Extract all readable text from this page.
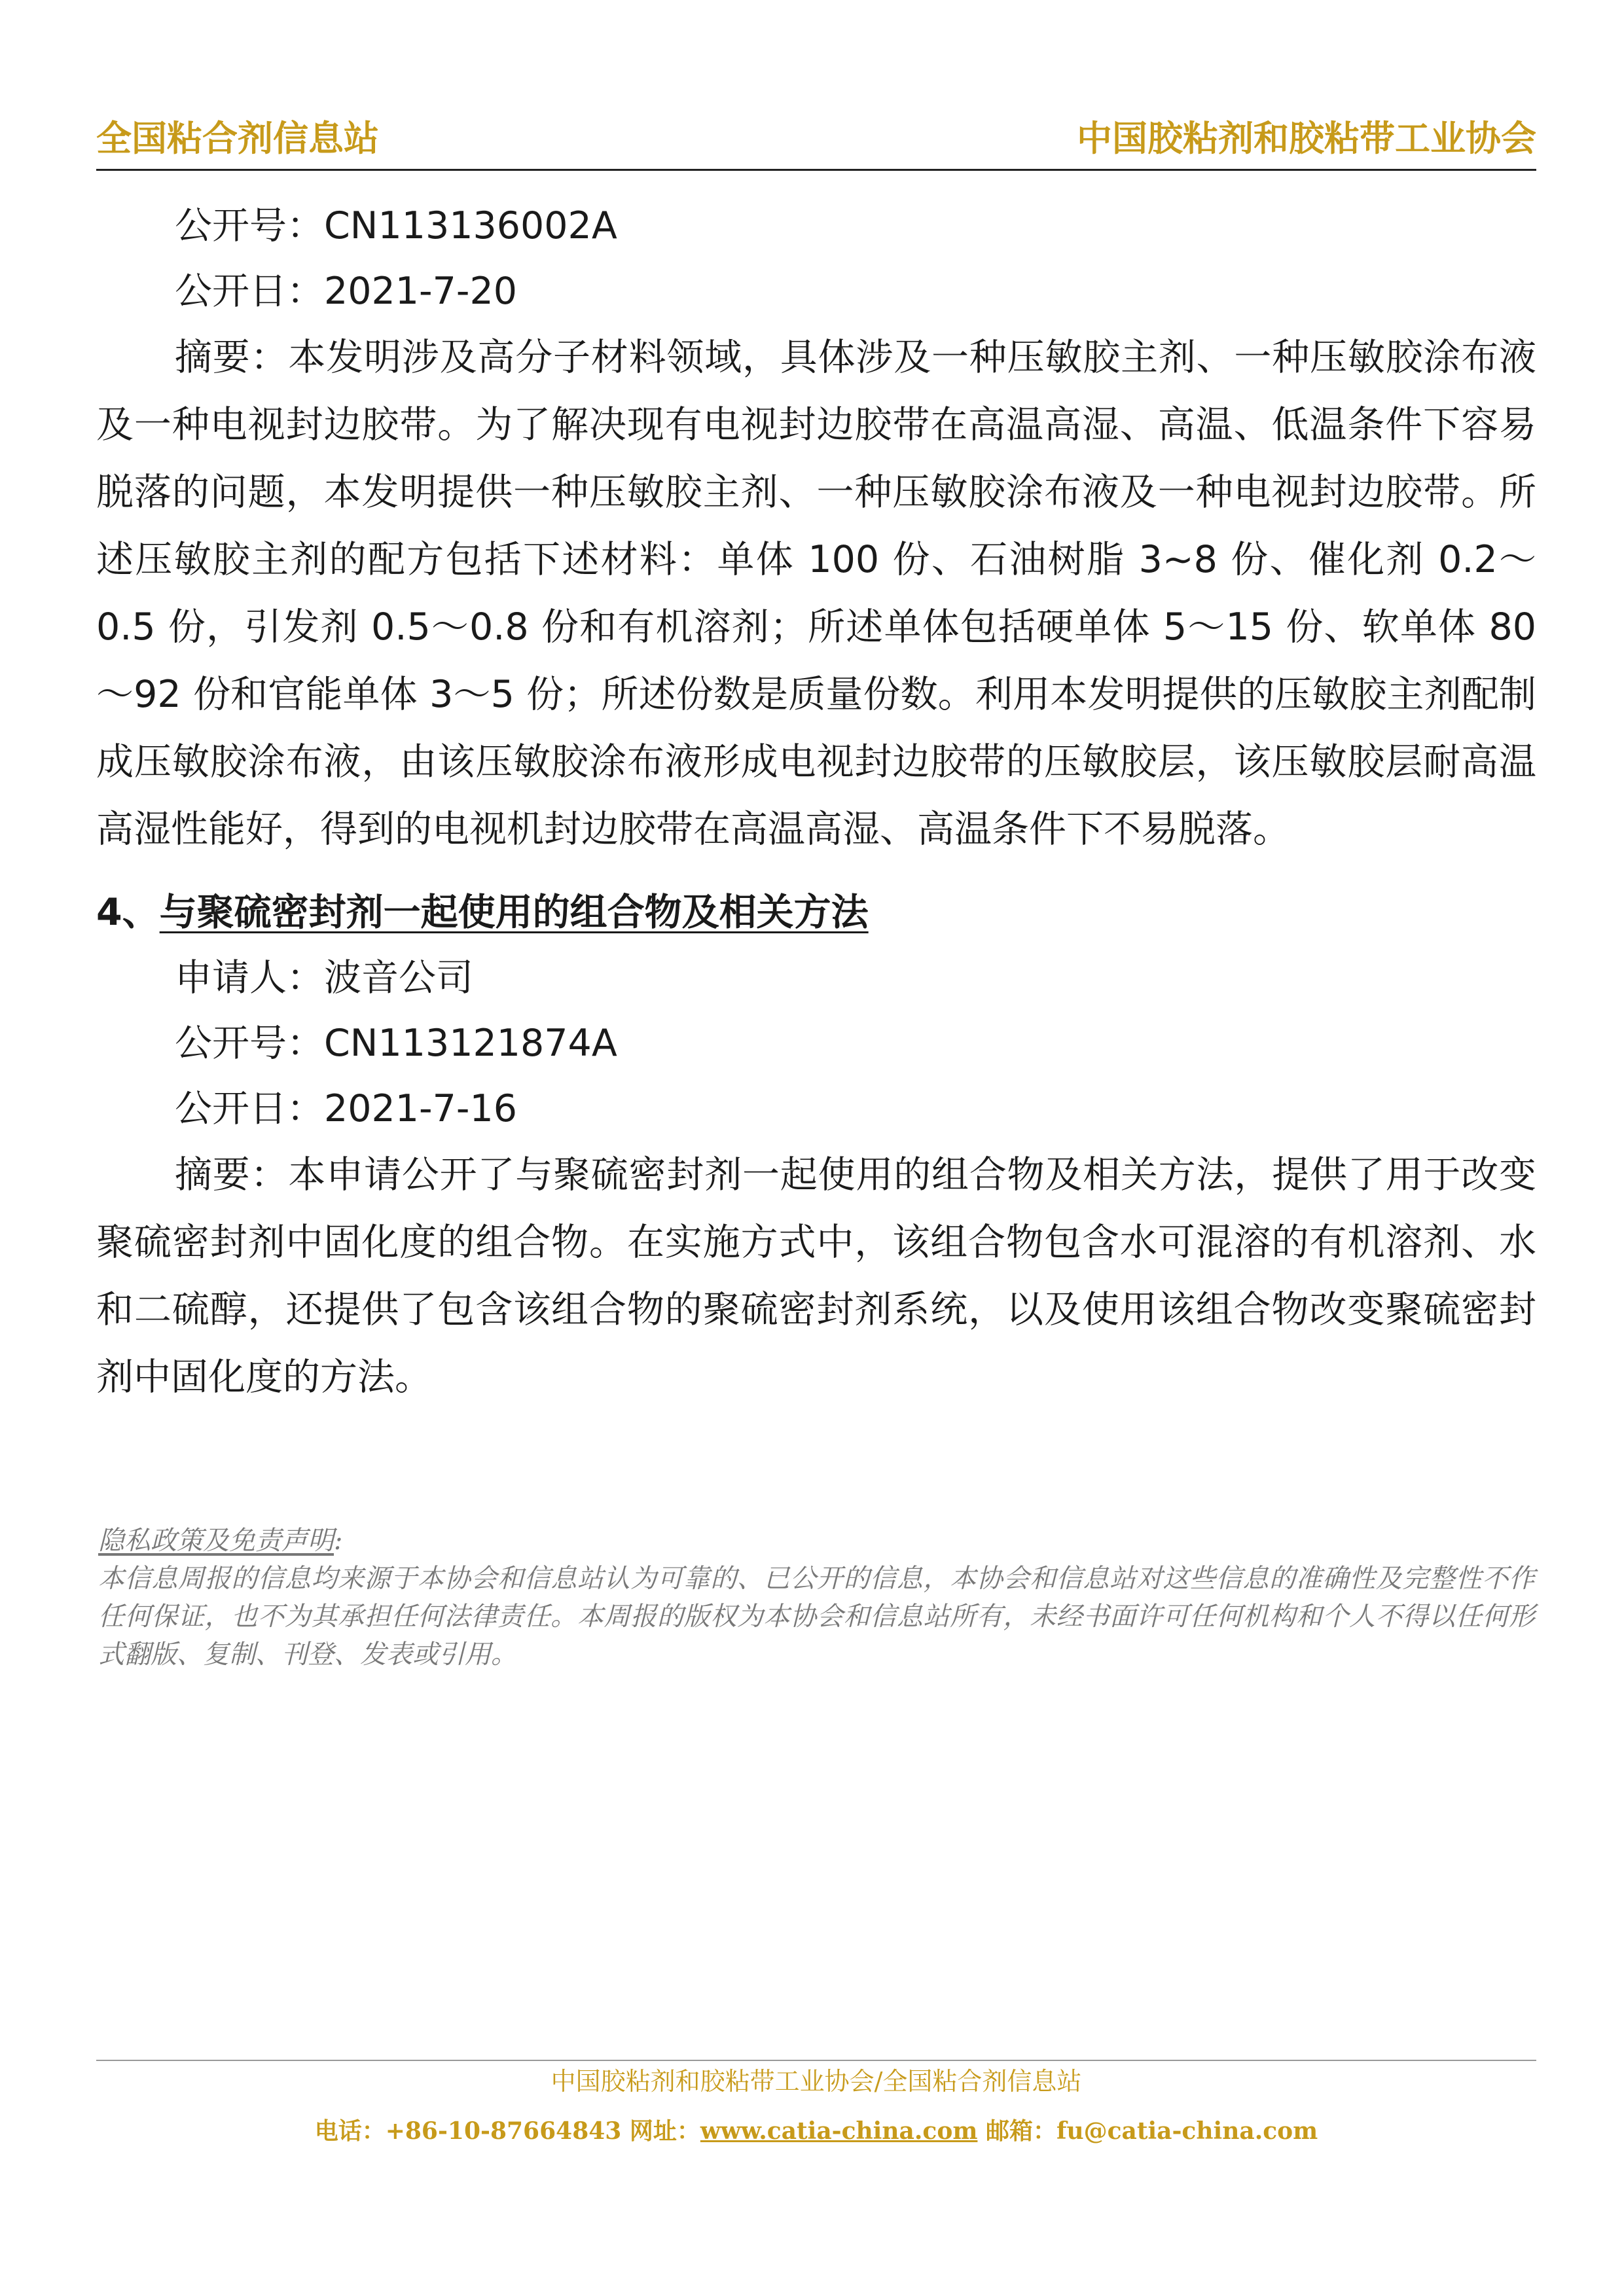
全国粘合剂信息站	中国胶粘剂和胶粘带工业协会
公开号：CN113136002A
公开日：2021-7-20

摘要：本发明涉及高分子材料领域，具体涉及一种压敏胶主剂、一种压敏胶涂布液及一种电视封边胶带。为了解决现有电视封边胶带在高温高湿、高温、低温条件下容易脱落的问题，本发明提供一种压敏胶主剂、一种压敏胶涂布液及一种电视封边胶带。所述压敏胶主剂的配方包括下述材料：单体 100 份、石油树脂 3~8 份、催化剂 0.2～0.5 份，引发剂 0.5～0.8 份和有机溶剂；所述单体包括硬单体 5～15 份、软单体 80～92 份和官能单体 3～5 份；所述份数是质量份数。利用本发明提供的压敏胶主剂配制成压敏胶涂布液，由该压敏胶涂布液形成电视封边胶带的压敏胶层，该压敏胶层耐高温高湿性能好，得到的电视机封边胶带在高温高湿、高温条件下不易脱落。

4、与聚硫密封剂一起使用的组合物及相关方法
申请人：波音公司
公开号：CN113121874A
公开日：2021-7-16

摘要：本申请公开了与聚硫密封剂一起使用的组合物及相关方法，提供了用于改变聚硫密封剂中固化度的组合物。在实施方式中，该组合物包含水可混溶的有机溶剂、水和二硫醇，还提供了包含该组合物的聚硫密封剂系统，以及使用该组合物改变聚硫密封剂中固化度的方法。

隐私政策及免责声明:
本信息周报的信息均来源于本协会和信息站认为可靠的、已公开的信息，本协会和信息站对这些信息的准确性及完整性不作任何保证，也不为其承担任何法律责任。本周报的版权为本协会和信息站所有，未经书面许可任何机构和个人不得以任何形式翻版、复制、刊登、发表或引用。
中国胶粘剂和胶粘带工业协会/全国粘合剂信息站
电话：+86-10-87664843 网址：www.catia-china.com 邮箱：fu@catia-china.com
